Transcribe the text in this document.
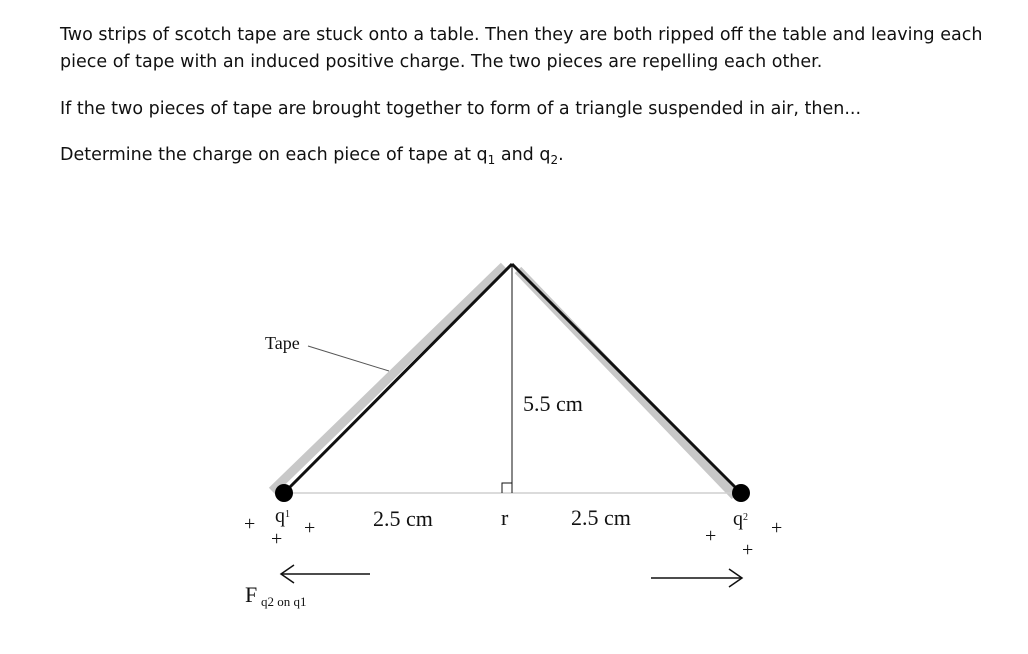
Two strips of scotch tape are stuck onto a table. Then they are both ripped off the table and leaving each piece of tape with an induced positive charge. The two pieces are repelling each other.
If the two pieces of tape are brought together to form of a triangle suspended in air, then...
Determine the charge on each piece of tape at $q_1$ and $q_2$.
Tape
5.5 cm
2.5 cm	2.5 cm
r
+ q 1
+
+
q 2
+	+
+
F q2 on q1
